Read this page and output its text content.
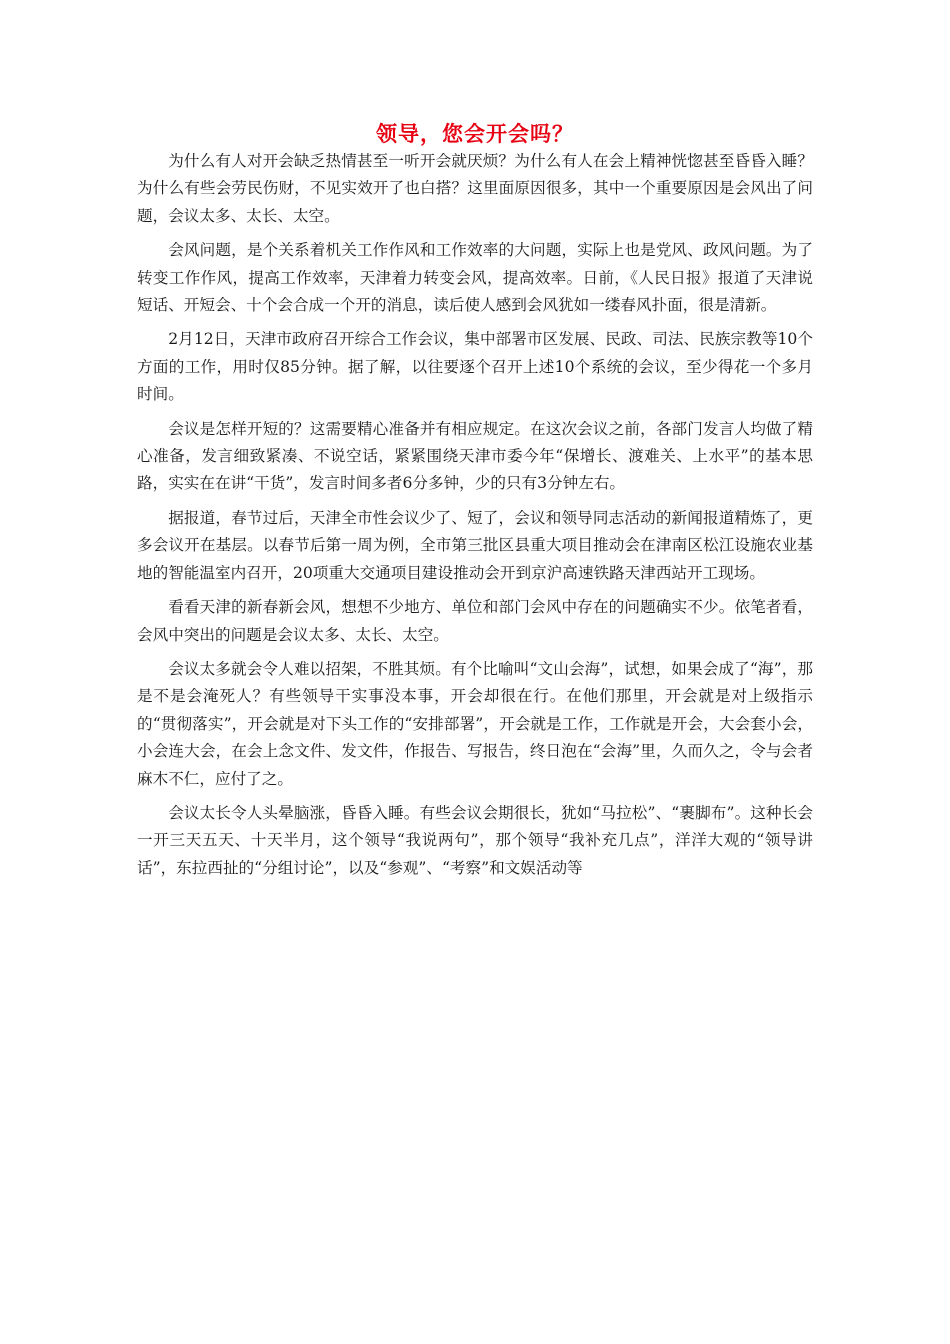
领导，您会开会吗？

为什么有人对开会缺乏热情甚至一听开会就厌烦？为什么有人在会上精神恍惚甚至昏昏入睡？为什么有些会劳民伤财，不见实效开了也白搭？这里面原因很多，其中一个重要原因是会风出了问题，会议太多、太长、太空。

会风问题，是个关系着机关工作作风和工作效率的大问题，实际上也是党风、政风问题。为了转变工作作风，提高工作效率，天津着力转变会风，提高效率。日前，《人民日报》报道了天津说短话、开短会、十个会合成一个开的消息，读后使人感到会风犹如一缕春风扑面，很是清新。

2月12日，天津市政府召开综合工作会议，集中部署市区发展、民政、司法、民族宗教等10个方面的工作，用时仅85分钟。据了解，以往要逐个召开上述10个系统的会议，至少得花一个多月时间。

会议是怎样开短的？这需要精心准备并有相应规定。在这次会议之前，各部门发言人均做了精心准备，发言细致紧凑、不说空话，紧紧围绕天津市委今年“保增长、渡难关、上水平”的基本思路，实实在在讲“干货”，发言时间多者6分多钟，少的只有3分钟左右。

据报道，春节过后，天津全市性会议少了、短了，会议和领导同志活动的新闻报道精炼了，更多会议开在基层。以春节后第一周为例，全市第三批区县重大项目推动会在津南区松江设施农业基地的智能温室内召开，20项重大交通项目建设推动会开到京沪高速铁路天津西站开工现场。

看看天津的新春新会风，想想不少地方、单位和部门会风中存在的问题确实不少。依笔者看，会风中突出的问题是会议太多、太长、太空。

会议太多就会令人难以招架，不胜其烦。有个比喻叫“文山会海”，试想，如果会成了“海”，那是不是会淹死人？有些领导干实事没本事，开会却很在行。在他们那里，开会就是对上级指示的“贯彻落实”，开会就是对下头工作的“安排部署”，开会就是工作，工作就是开会，大会套小会，小会连大会，在会上念文件、发文件，作报告、写报告，终日泡在“会海”里，久而久之，令与会者麻木不仁，应付了之。

会议太长令人头晕脑涨，昏昏入睡。有些会议会期很长，犹如“马拉松”、“裹脚布”。这种长会一开三天五天、十天半月，这个领导“我说两句”，那个领导“我补充几点”，洋洋大观的“领导讲话”，东拉西扯的“分组讨论”，以及“参观”、“考察”和文娱活动等
